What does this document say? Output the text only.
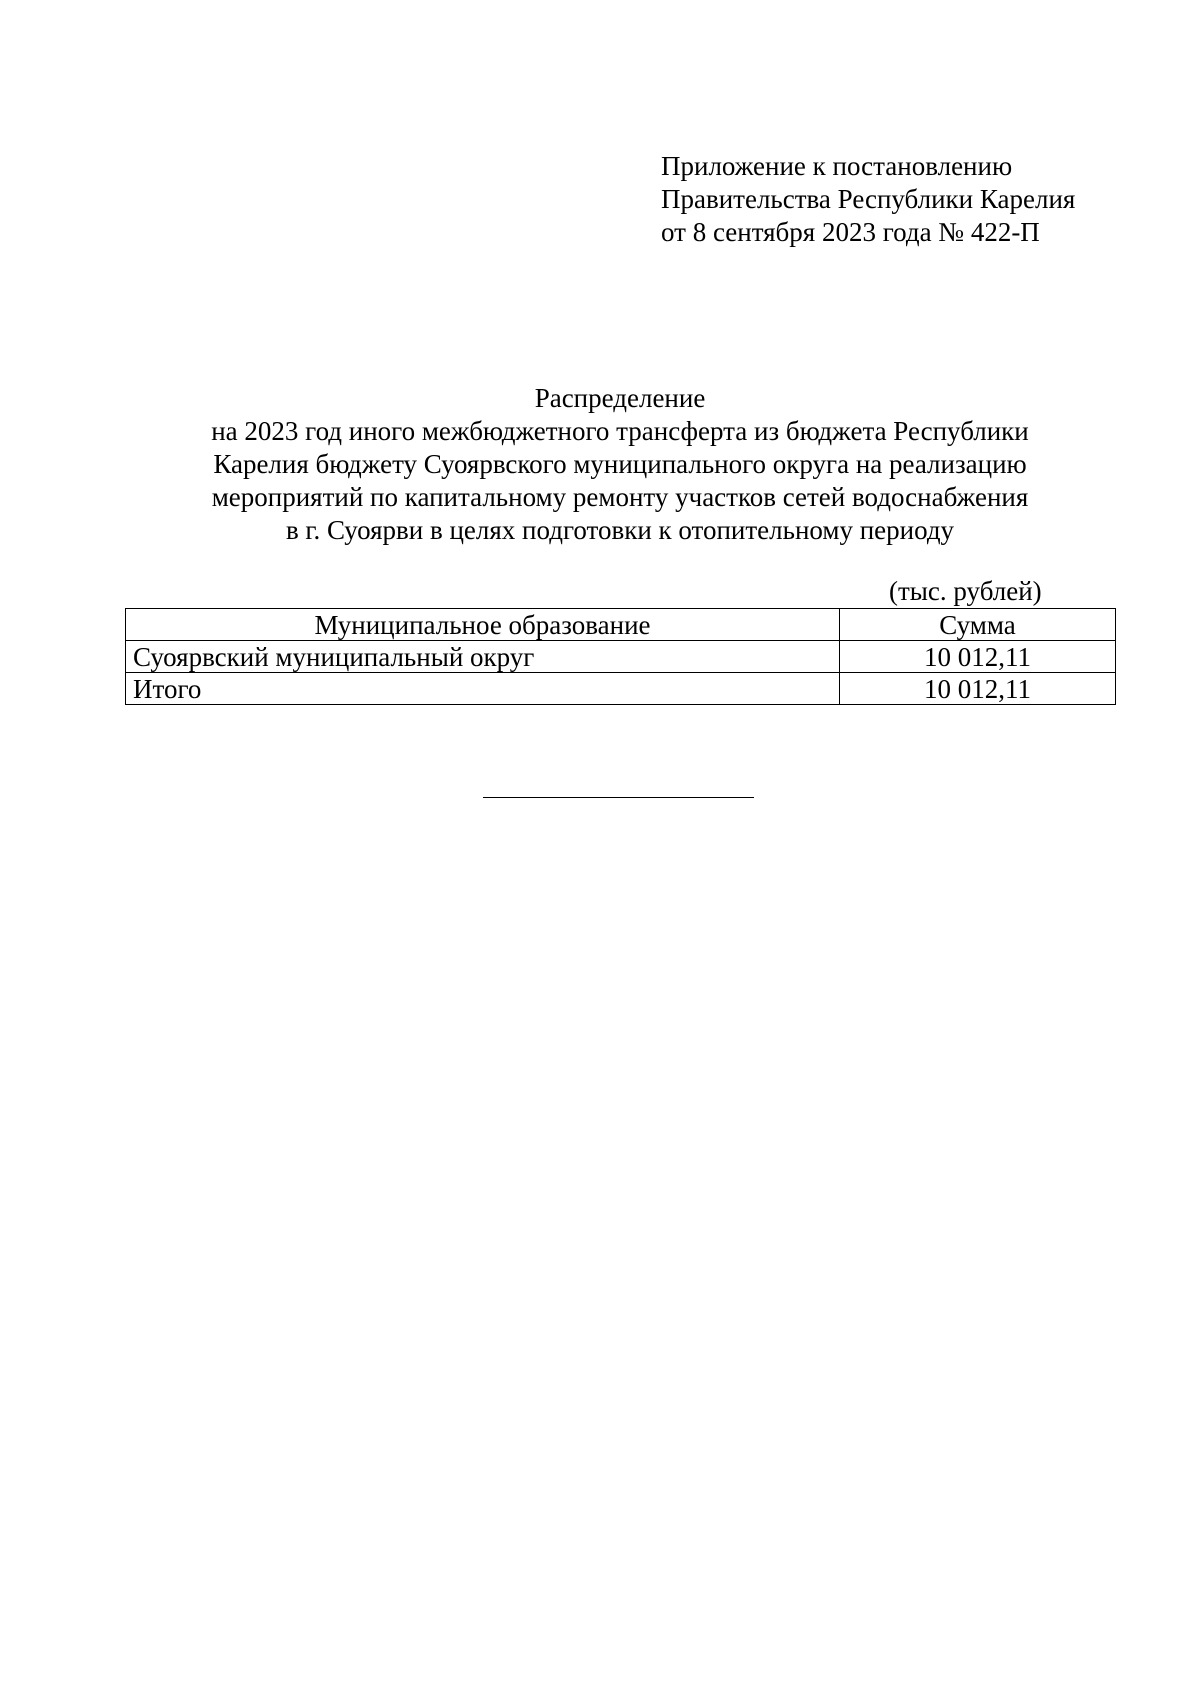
Приложение к постановлению
Правительства Республики Карелия
от 8 сентября 2023 года № 422-П
Распределение
на 2023 год иного межбюджетного трансферта из бюджета Республики
Карелия бюджету Суоярвского муниципального округа на реализацию
мероприятий по капитальному ремонту участков сетей водоснабжения
в г. Суоярви в целях подготовки к отопительному периоду
(тыс. рублей)
Муниципальное образование	Сумма
Суоярвский муниципальный округ	10 012,11
Итого	10 012,11
